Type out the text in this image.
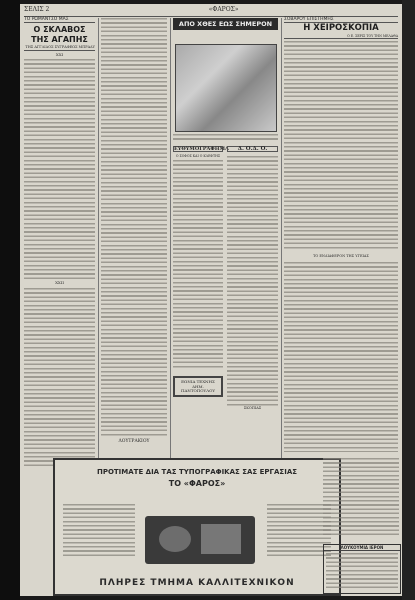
ΣΕΛΙΣ 2	«ΦΑΡΟΣ»
ΤΟ ΡΩΜΑΝΤΣΟ ΜΑΣ
Ο ΣΚΛΑΒΟΣ ΤΗΣ ΑΓΑΠΗΣ
ΤΗΣ ΑΓΓΛΙΔΟΣ ΣΥΓΡΑΦΕΩΣ ΜΠΡΑΔΥ
ΧΧΙ
XXII
ΛΟΥΤΡΑΚΙΟΥ
ΑΠΟ ΧΘΕΣ ΕΩΣ ΣΗΜΕΡΟΝ
ΕΥΘΥΜΟΓΡΑΦΗΜΑ
Ο ΣΟΦΟΣ ΚΑΙ Ο ΚΛΕΦΤΗΣ
ΕΩΝΙΑ ΤΕΧΝΗΣ
ΔΗΜ. ΠΑΝΤΟΠΟΥΛΟΥ
Δ. Ο.Δ. Ο.
ΣΚΟΠΙΑΣ
ΣΟΒΑΡΟΥ ΕΠΙΣΤΗΜΗΣ
Η ΧΕΙΡΟΣΚΟΠΙΑ
Ο Ε. ΣΕΡΙΣ ΤΟΥ ΤΗΝ ΜΕΛΑΘΑ
ΤΟ ΕΝΔΙΑΦΕΡΟΝ ΤΗΣ ΥΓΕΙΑΣ
ΠΡΟΤΙΜΑΤΕ ΔΙΑ ΤΑΣ ΤΥΠΟΓΡΑΦΙΚΑΣ ΣΑΣ ΕΡΓΑΣΙΑΣ
ΤΟ «ΦΑΡΟΣ»
ΠΛΗΡΕΣ ΤΜΗΜΑ ΚΑΛΛΙΤΕΧΝΙΚΟΝ
ΛΟΥΚΟΥΜΙΑ ΙΕΡΟΝ
